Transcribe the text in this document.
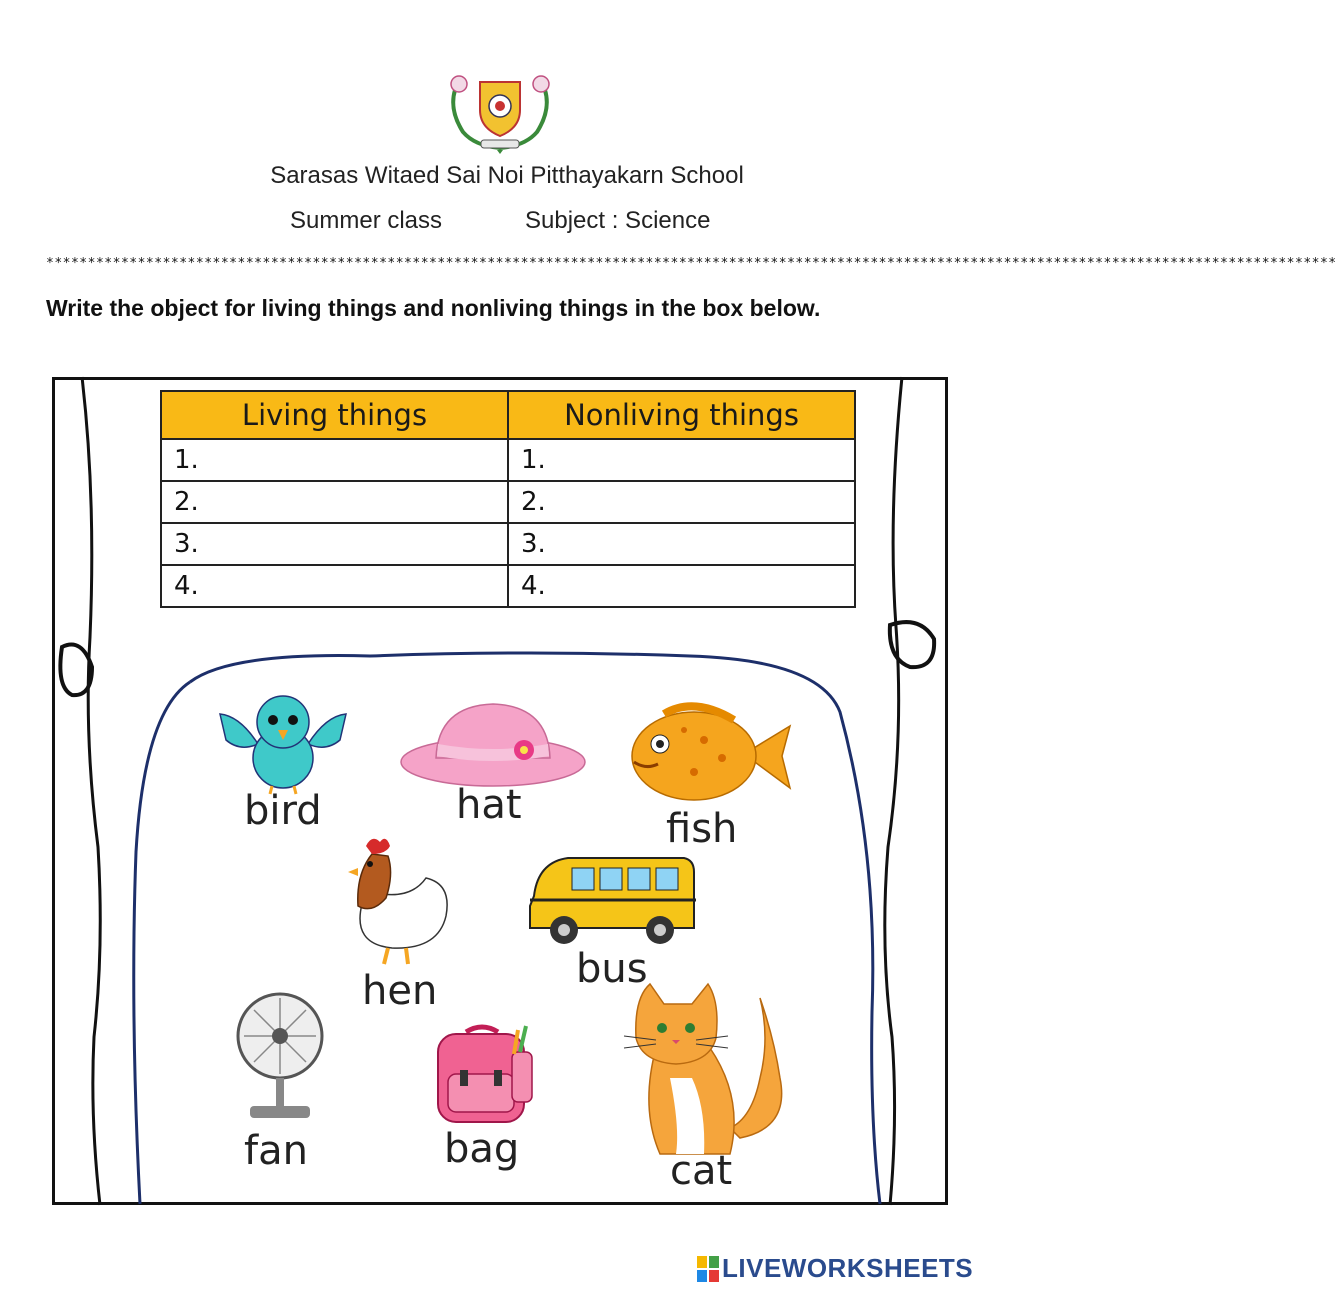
Sarasas Witaed Sai Noi Pitthayakarn School
Summer class	Subject : Science
***********************************************************************************************************************************************************
Write the object for living things and nonliving things in the box below.
Living things	Nonliving things
1.	1.
2.	2.
3.	3.
4.	4.
bird	hat
fish
hen	bus
fan	bag	cat
LIVEWORKSHEETS
